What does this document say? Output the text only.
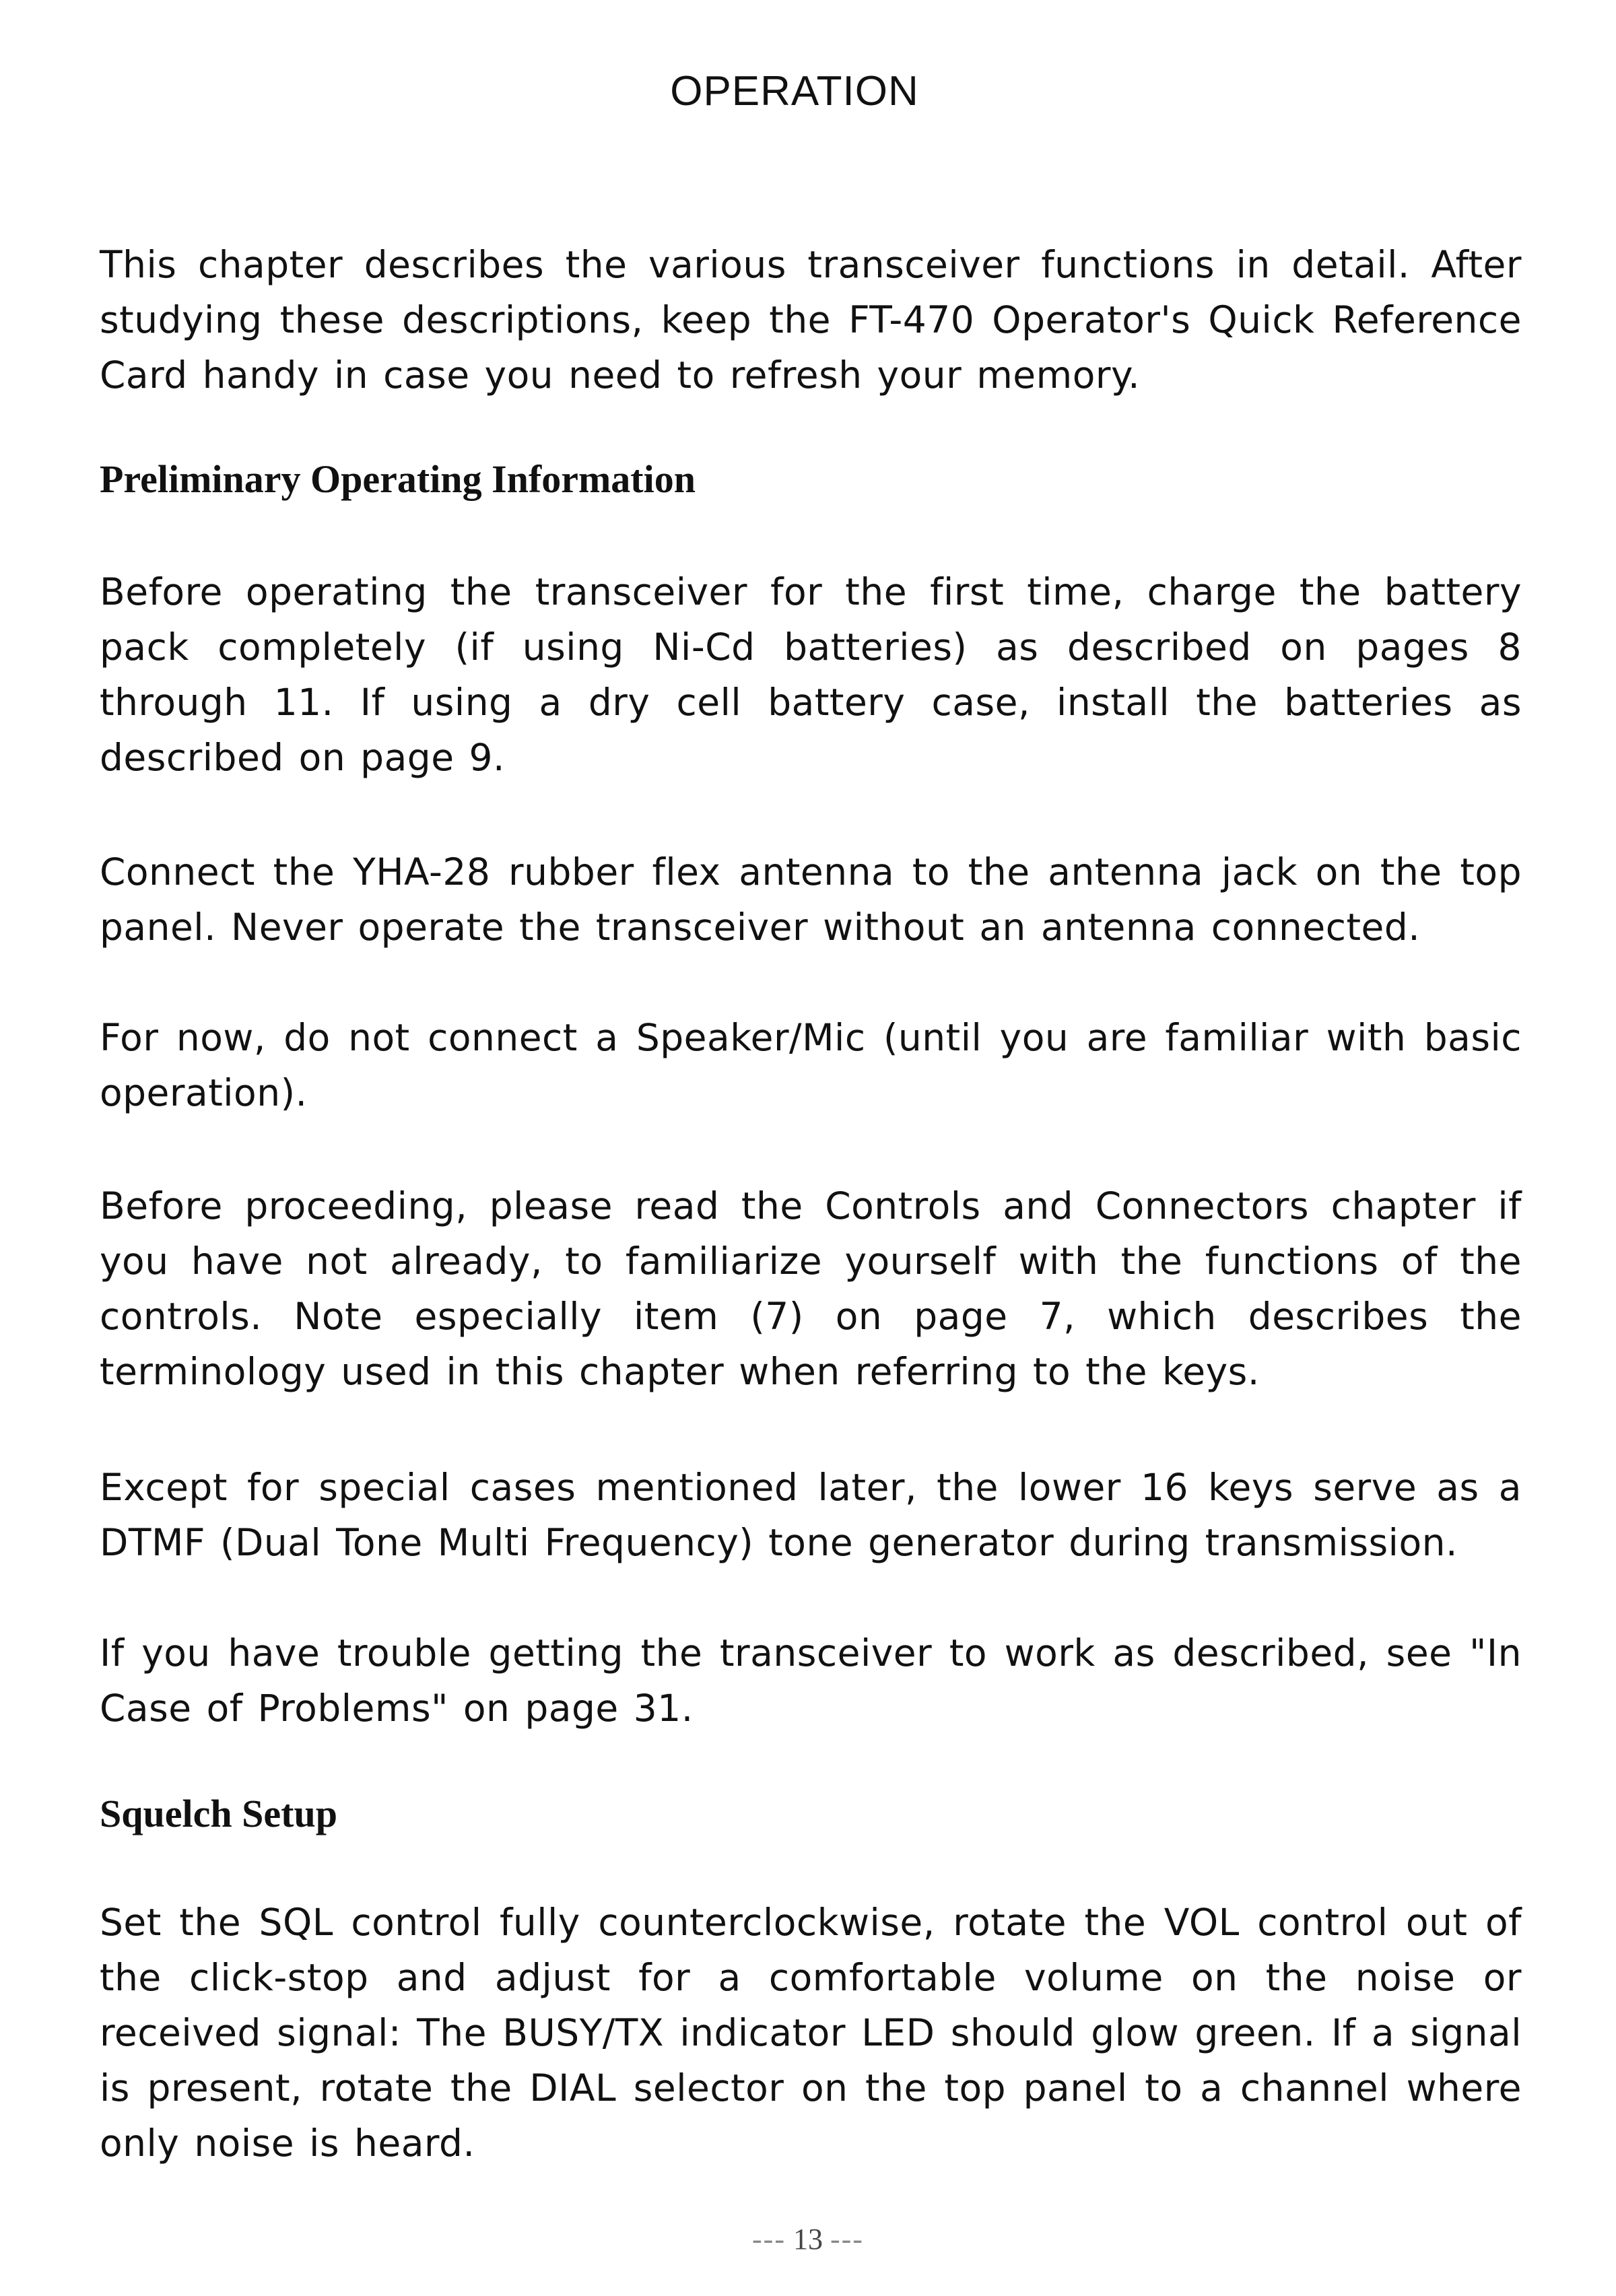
OPERATION

This chapter describes the various transceiver functions in detail. After studying these descriptions, keep the FT-470 Operator's Quick Reference Card handy in case you need to refresh your memory.

Preliminary Operating Information

Before operating the transceiver for the first time, charge the battery pack completely (if using Ni-Cd batteries) as described on pages 8 through 11. If using a dry cell battery case, install the batteries as described on page 9.

Connect the YHA-28 rubber flex antenna to the antenna jack on the top panel. Never operate the transceiver without an antenna connected.

For now, do not connect a Speaker/Mic (until you are familiar with basic operation).

Before proceeding, please read the Controls and Connectors chapter if you have not already, to familiarize yourself with the functions of the controls. Note especially item (7) on page 7, which describes the terminology used in this chapter when referring to the keys.

Except for special cases mentioned later, the lower 16 keys serve as a DTMF (Dual Tone Multi Frequency) tone generator during transmission.

If you have trouble getting the transceiver to work as described, see "In Case of Problems" on page 31.

Squelch Setup

Set the SQL control fully counterclockwise, rotate the VOL control out of the click-stop and adjust for a comfortable volume on the noise or received signal: The BUSY/TX indicator LED should glow green. If a signal is present, rotate the DIAL selector on the top panel to a channel where only noise is heard.

--- 13 ---
